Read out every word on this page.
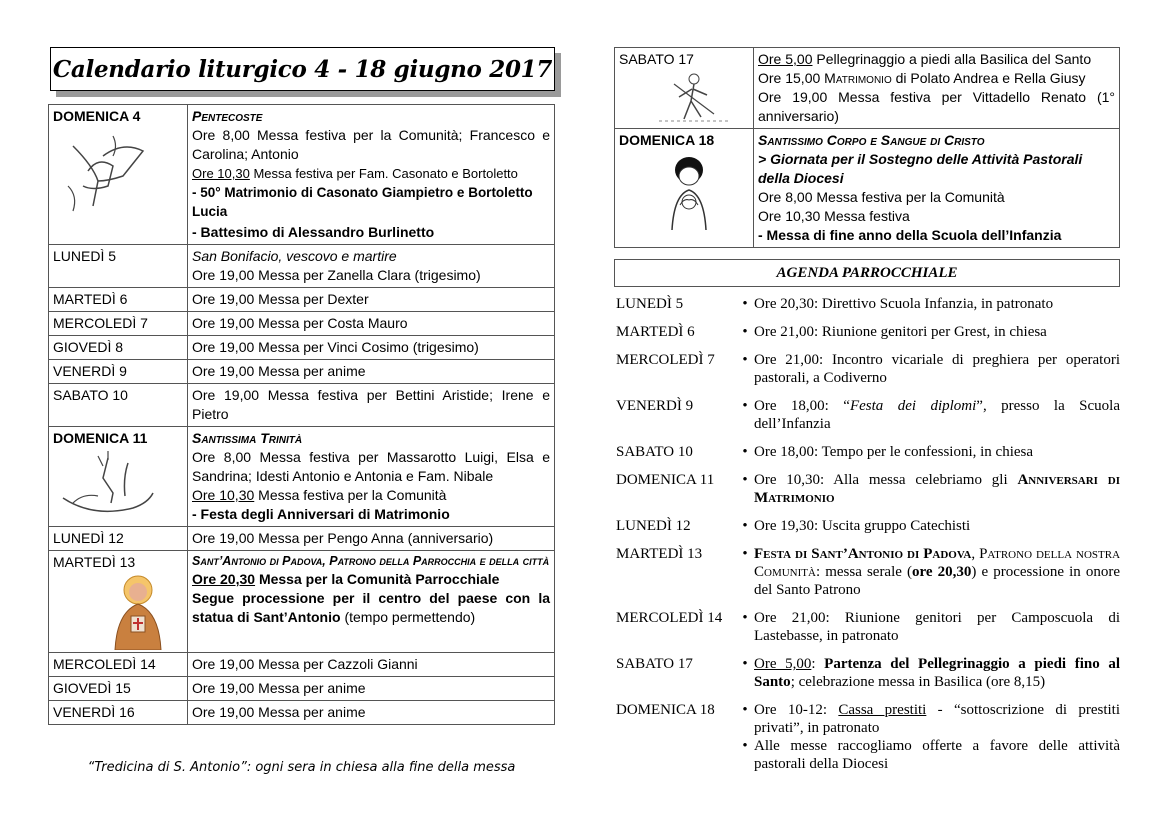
Calendario liturgico 4 - 18 giugno 2017
DOMENICA 4	Pentecoste
Ore 8,00 Messa festiva per la Comunità; Francesco e Carolina; Antonio
Ore 10,30 Messa festiva per Fam. Casonato e Bortoletto
- 50° Matrimonio di Casonato Giampietro e Bortoletto Lucia
- Battesimo di Alessandro Burlinetto

LUNEDÌ 5	San Bonifacio, vescovo e martire
Ore 19,00 Messa per Zanella Clara (trigesimo)

MARTEDÌ 6	Ore 19,00 Messa per Dexter
MERCOLEDÌ 7	Ore 19,00 Messa per Costa Mauro
GIOVEDÌ 8	Ore 19,00 Messa per Vinci Cosimo (trigesimo)
VENERDÌ 9	Ore 19,00 Messa per anime
SABATO 10	Ore 19,00 Messa festiva per Bettini Aristide; Irene e Pietro

DOMENICA 11	Santissima Trinità
Ore 8,00 Messa festiva per Massarotto Luigi, Elsa e Sandrina; Idesti Antonio e Antonia e Fam. Nibale
Ore 10,30 Messa festiva per la Comunità
- Festa degli Anniversari di Matrimonio

LUNEDÌ 12	Ore 19,00 Messa per Pengo Anna (anniversario)

MARTEDÌ 13	Sant’Antonio di Padova, Patrono della Parrocchia e della città
Ore 20,30 Messa per la Comunità Parrocchiale
Segue processione per il centro del paese con la statua di Sant’Antonio (tempo permettendo)

MERCOLEDÌ 14	Ore 19,00 Messa per Cazzoli Gianni
GIOVEDÌ 15	Ore 19,00 Messa per anime
VENERDÌ 16	Ore 19,00 Messa per anime
“Tredicina di S. Antonio”: ogni sera in chiesa alla fine della messa
SABATO 17	Ore 5,00 Pellegrinaggio a piedi alla Basilica del Santo
Ore 15,00 Matrimonio di Polato Andrea e Rella Giusy
Ore 19,00 Messa festiva per Vittadello Renato (1° anniversario)

DOMENICA 18	Santissimo Corpo e Sangue di Cristo
> Giornata per il Sostegno delle Attività Pastorali della Diocesi
Ore 8,00 Messa festiva per la Comunità
Ore 10,30 Messa festiva
- Messa di fine anno della Scuola dell’Infanzia
AGENDA PARROCCHIALE
LUNEDÌ 5	• Ore 20,30: Direttivo Scuola Infanzia, in patronato
MARTEDÌ 6	• Ore 21,00: Riunione genitori per Grest, in chiesa
MERCOLEDÌ 7	• Ore 21,00: Incontro vicariale di preghiera per operatori pastorali, a Codiverno
VENERDÌ 9	• Ore 18,00: “Festa dei diplomi”, presso la Scuola dell’Infanzia
SABATO 10	• Ore 18,00: Tempo per le confessioni, in chiesa
DOMENICA 11	• Ore 10,30: Alla messa celebriamo gli Anniversari di Matrimonio
LUNEDÌ 12	• Ore 19,30: Uscita gruppo Catechisti
MARTEDÌ 13	• Festa di Sant’Antonio di Padova, Patrono della nostra Comunità: messa serale (ore 20,30) e processione in onore del Santo Patrono
MERCOLEDÌ 14	• Ore 21,00: Riunione genitori per Camposcuola di Lastebasse, in patronato
SABATO 17	• Ore 5,00: Partenza del Pellegrinaggio a piedi fino al Santo; celebrazione messa in Basilica (ore 8,15)
DOMENICA 18	• Ore 10-12: Cassa prestiti - “sottoscrizione di prestiti privati”, in patronato
• Alle messe raccogliamo offerte a favore delle attività pastorali della Diocesi
